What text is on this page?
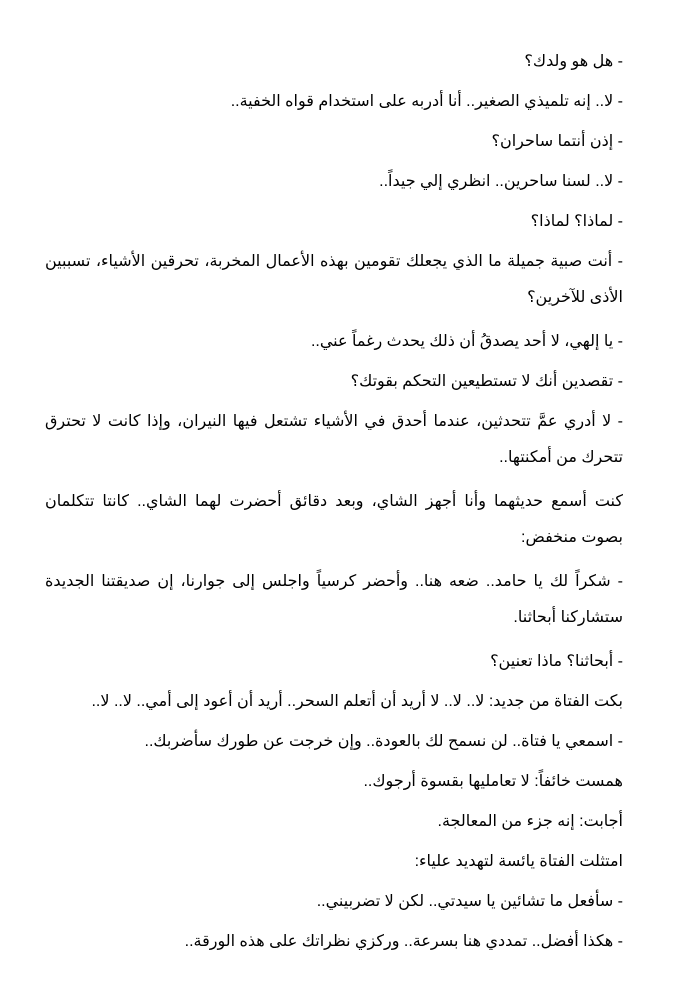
- هل هو ولدك؟

- لا.. إنه تلميذي الصغير.. أنا أدربه على استخدام قواه الخفية..

- إذن أنتما ساحران؟

- لا.. لسنا ساحرين.. انظري إلي جيداً..

- لماذا؟ لماذا؟

- أنت صبية جميلة ما الذي يجعلك تقومين بهذه الأعمال المخربة، تحرقين الأشياء، تسببين الأذى للآخرين؟

- يا إلهي، لا أحد يصدقُ أن ذلك يحدث رغماً عني..

- تقصدين أنك لا تستطيعين التحكم بقوتك؟

- لا أدري عمَّ تتحدثين، عندما أحدق في الأشياء تشتعل فيها النيران، وإذا كانت لا تحترق تتحرك من أمكنتها..

كنت أسمع حديثهما وأنا أجهز الشاي، وبعد دقائق أحضرت لهما الشاي.. كانتا تتكلمان بصوت منخفض:

- شكراً لك يا حامد.. ضعه هنا.. وأحضر كرسياً واجلس إلى جوارنا، إن صديقتنا الجديدة ستشاركنا أبحاثنا.

- أبحاثنا؟ ماذا تعنين؟

بكت الفتاة من جديد: لا.. لا.. لا أريد أن أتعلم السحر.. أريد أن أعود إلى أمي.. لا.. لا..

- اسمعي يا فتاة.. لن نسمح لك بالعودة.. وإن خرجت عن طورك سأضربك..

همست خائفاً: لا تعامليها بقسوة أرجوك..

أجابت: إنه جزء من المعالجة.

امتثلت الفتاة يائسة لتهديد علياء:

- سأفعل ما تشائين يا سيدتي.. لكن لا تضربيني..

- هكذا أفضل.. تمددي هنا بسرعة.. وركزي نظراتك على هذه الورقة..
